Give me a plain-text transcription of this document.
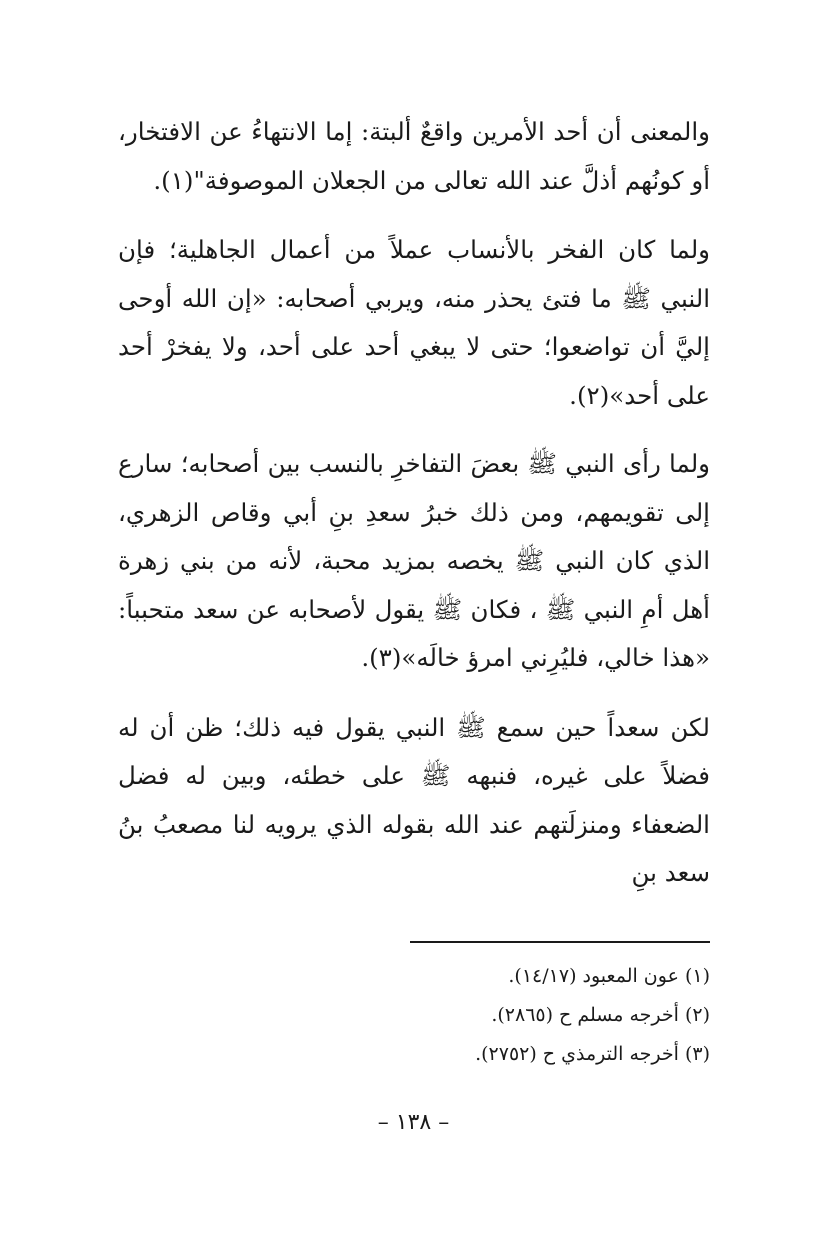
والمعنى أن أحد الأمرين واقعٌ ألبتة: إما الانتهاءُ عن الافتخار، أو كونُهم أذلَّ عند الله تعالى من الجعلان الموصوفة"(١).

ولما كان الفخر بالأنساب عملاً من أعمال الجاهلية؛ فإن النبي ﷺ ما فتئ يحذر منه، ويربي أصحابه: «إن الله أوحى إليَّ أن تواضعوا؛ حتى لا يبغي أحد على أحد، ولا يفخرْ أحد على أحد»(٢).

ولما رأى النبي ﷺ بعضَ التفاخرِ بالنسب بين أصحابه؛ سارع إلى تقويمهم، ومن ذلك خبرُ سعدِ بنِ أبي وقاص الزهري، الذي كان النبي ﷺ يخصه بمزيد محبة، لأنه من بني زهرة أهل أمِ النبي ﷺ ، فكان ﷺ يقول لأصحابه عن سعد متحبباً: «هذا خالي، فليُرِني امرؤ خالَه»(٣).

لكن سعداً حين سمع ﷺ النبي يقول فيه ذلك؛ ظن أن له فضلاً على غيره، فنبهه ﷺ على خطئه، وبين له فضل الضعفاء ومنزلَتهم عند الله بقوله الذي يرويه لنا مصعبُ بنُ سعد بنِ

(١) عون المعبود (١٤/١٧).
(٢) أخرجه مسلم ح (٢٨٦٥).
(٣) أخرجه الترمذي ح (٢٧٥٢).
– ١٣٨ –
